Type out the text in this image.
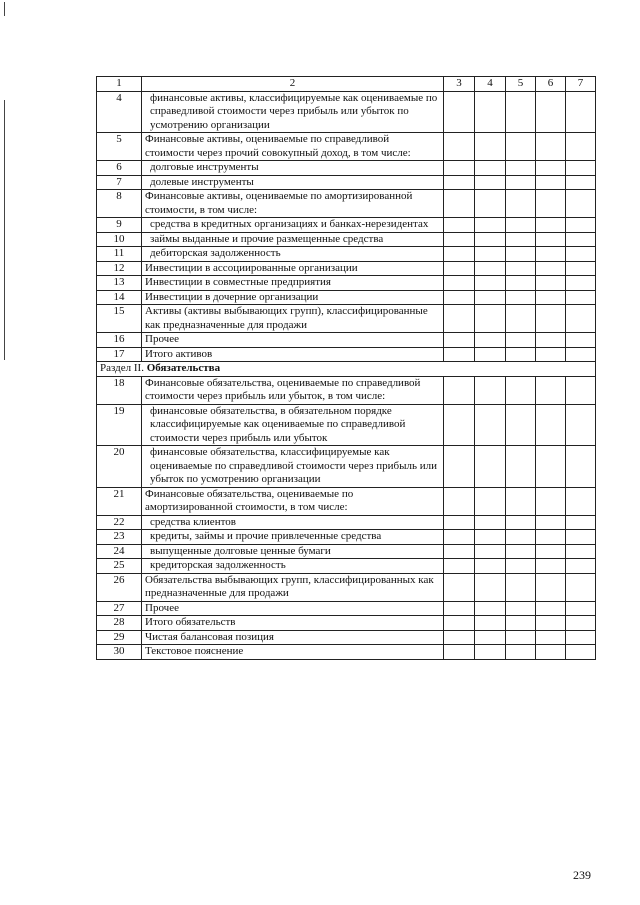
1	2	3	4	5	6	7
4	финансовые активы, классифицируемые как оцениваемые по справедливой стоимости через прибыль или убыток по усмотрению организации					
5	Финансовые активы, оцениваемые по справедливой стоимости через прочий совокупный доход, в том числе:					
6	долговые инструменты					
7	долевые инструменты					
8	Финансовые активы, оцениваемые по амортизированной стоимости, в том числе:					
9	средства в кредитных организациях и банках-нерезидентах					
10	займы выданные и прочие размещенные средства					
11	дебиторская задолженность					
12	Инвестиции в ассоциированные организации					
13	Инвестиции в совместные предприятия					
14	Инвестиции в дочерние организации					
15	Активы (активы выбывающих групп), классифицированные как предназначенные для продажи					
16	Прочее					
17	Итого активов					
Раздел II. Обязательства						
18	Финансовые обязательства, оцениваемые по справедливой стоимости через прибыль или убыток, в том числе:					
19	финансовые обязательства, в обязательном порядке классифицируемые как оцениваемые по справедливой стоимости через прибыль или убыток					
20	финансовые обязательства, классифицируемые как оцениваемые по справедливой стоимости через прибыль или убыток по усмотрению организации					
21	Финансовые обязательства, оцениваемые по амортизированной стоимости, в том числе:					
22	средства клиентов					
23	кредиты, займы и прочие привлеченные средства					
24	выпущенные долговые ценные бумаги					
25	кредиторская задолженность					
26	Обязательства выбывающих групп, классифицированных как предназначенные для продажи					
27	Прочее					
28	Итого обязательств					
29	Чистая балансовая позиция					
30	Текстовое пояснение					
239
